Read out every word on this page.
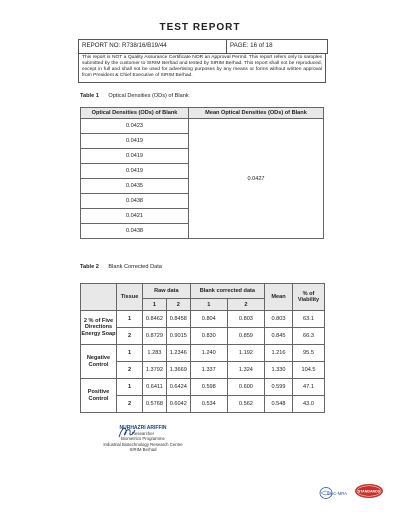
TEST REPORT
REPORT NO: R738/16/B19/44	PAGE: 16 of 18
This report is NOT a Quality Assurance Certificate NOR an Approval Permit. This report refers only to samples submitted by the customer to SIRIM Berhad and tested by SIRIM Berhad. This report shall not be reproduced, except in full and shall not be used for advertising purposes by any means or forms without written approval from President & Chief Executive of SIRIM Berhad.
Table 1 Optical Densities (ODs) of Blank
Optical Densities (ODs) of Blank	Mean Optical Densities (ODs) of Blank
0.0423	0.0427
0.0419	
0.0419	
0.0419	
0.0435	
0.0438	
0.0421	
0.0438	
Table 2 Blank Corrected Data
	Tissue	Raw data		Blank corrected data		Mean	% of Viability
		1	2	1	2		
2 % of Five Directions Energy Soap	1	0.8462	0.8458	0.804	0.803	0.803	63.1
	2	0.8729	0.9015	0.830	0.859	0.845	66.3
Negative Control	1	1.283	1.2346	1.240	1.192	1.216	95.5
	2	1.3792	1.3669	1.337	1.324	1.330	104.5
Positive Control	1	0.6411	0.6424	0.598	0.600	0.599	47.1
	2	0.5768	0.6042	0.534	0.562	0.548	43.0
NURHAZRI ARIFFIN
Researcher
Biometrics Programme
Industrial Biotechnology Research Centre
SIRIM Berhad
ILAC-MRA	STANDARDS
